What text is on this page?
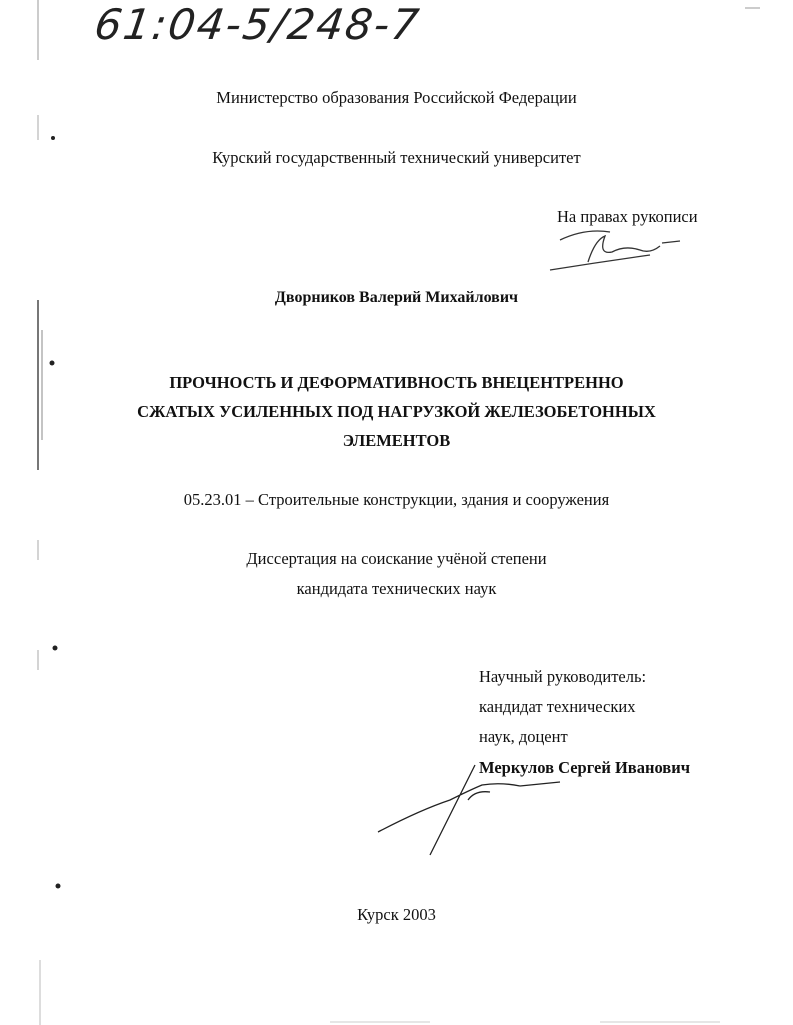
61:04-5/248-7
Министерство образования Российской Федерации
Курский государственный технический университет
На правах рукописи
Дворников Валерий Михайлович
ПРОЧНОСТЬ И ДЕФОРМАТИВНОСТЬ ВНЕЦЕНТРЕННО
СЖАТЫХ УСИЛЕННЫХ ПОД НАГРУЗКОЙ ЖЕЛЕЗОБЕТОННЫХ
ЭЛЕМЕНТОВ
05.23.01 – Строительные конструкции, здания и сооружения
Диссертация на соискание учёной степени
кандидата технических наук
Научный руководитель:
кандидат технических
наук, доцент
Меркулов Сергей Иванович
Курск 2003
